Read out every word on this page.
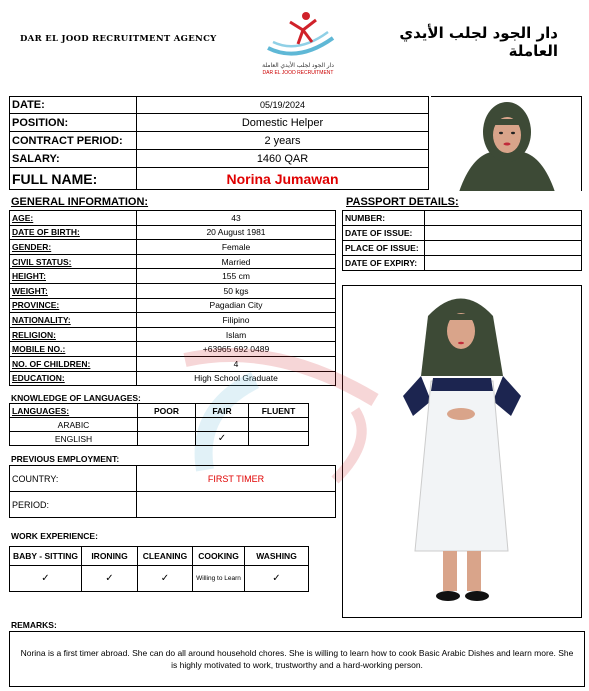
DAR EL JOOD RECRUITMENT AGENCY
دار الجود لجلب الأيدي العاملة
DAR EL JOOD RECRUITMENT
دار الجود لجلب الأيدي العاملة
DATE:	05/19/2024
POSITION:	Domestic Helper
CONTRACT PERIOD:	2 years
SALARY:	1460 QAR
FULL NAME:	Norina Jumawan
GENERAL INFORMATION:
AGE:	43
DATE OF BIRTH:	20 August 1981
GENDER:	Female
CIVIL STATUS:	Married
HEIGHT:	155 cm
WEIGHT:	50 kgs
PROVINCE:	Pagadian City
NATIONALITY:	Filipino
RELIGION:	Islam
MOBILE NO.:	+63965 692 0489
NO. OF CHILDREN:	4
EDUCATION:	High School Graduate
PASSPORT DETAILS:
NUMBER:	
DATE OF ISSUE:	
PLACE OF ISSUE:	
DATE OF EXPIRY:	
KNOWLEDGE OF LANGUAGES:
LANGUAGES:	POOR	FAIR	FLUENT
ARABIC			
ENGLISH		✓	
PREVIOUS EMPLOYMENT:
COUNTRY:	FIRST TIMER
PERIOD:	
WORK EXPERIENCE:
BABY - SITTING	IRONING	CLEANING	COOKING	WASHING
✓	✓	✓	Willing to Learn	✓
REMARKS:
Norina is a first timer abroad. She can do all around household chores. She is willing to learn how to cook Basic Arabic Dishes and learn more. She is highly motivated to work, trustworthy and a hard-working person.
